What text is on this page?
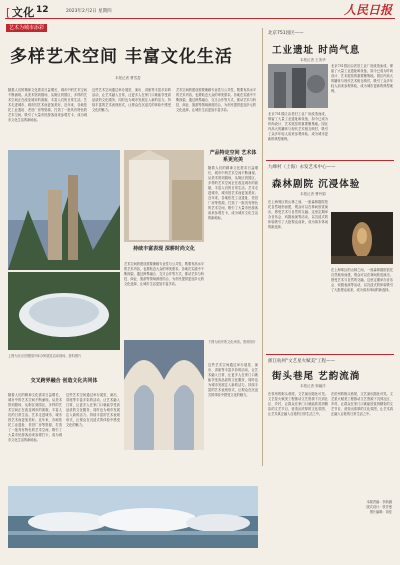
[文化 12	2023年2月2日 星期四	人民日报
艺术为城市添彩
多样艺术空间 丰富文化生活
本报记者 曹雪盈
随着人们的精神文化需求日益增长，城市中的艺术空间不断涌现。从美术馆到剧场，从街区到园区，多样的艺术空间正在改变城市的面貌，丰富人们的日常生活。艺术走进城市，城市因艺术而更加美好。近年来，各地依托工业遗址、老旧厂房等资源，打造了一批具有特色的艺术空间，吸引了大量市民游客前来参观打卡，成为城市文化生活的新地标。
这些艺术空间通过举办展览、演出、讲座等丰富多彩的活动，让艺术融入日常，让更多人在家门口就能享受高品质的文化服务，同时也为城市发展注入新的活力。持续丰富的艺术表现形式，让观众在沉浸式的体验中感受文化的魅力。
艺术空间的建设需要兼顾专业性与公共性，既要有高水平的艺术内容，也要贴近大众的审美需求。各地在实践中不断探索，通过跨界融合、交叉合作等方式，推动艺术与科技、商业、旅游等领域深度结合，为市民提供更加多元的文化选择，让城市生活更加丰富多彩。
上图为北京首钢园内举办的展览活动现场。资料图片
交叉跨界融合 创造文化共同体
随着人们的精神文化需求日益增长，城市中的艺术空间不断涌现。从美术馆到剧场，从街区到园区，多样的艺术空间正在改变城市的面貌，丰富人们的日常生活。艺术走进城市，城市因艺术而更加美好。近年来，各地依托工业遗址、老旧厂房等资源，打造了一批具有特色的艺术空间，吸引了大量市民游客前来参观打卡，成为城市文化生活的新地标。
这些艺术空间通过举办展览、演出、讲座等丰富多彩的活动，让艺术融入日常，让更多人在家门口就能享受高品质的文化服务，同时也为城市发展注入新的活力。持续丰富的艺术表现形式，让观众在沉浸式的体验中感受文化的魅力。
持续丰富表现 深耕时尚文化
艺术空间的建设需要兼顾专业性与公共性，既要有高水平的艺术内容，也要贴近大众的审美需求。各地在实践中不断探索，通过跨界融合、交叉合作等方式，推动艺术与科技、商业、旅游等领域深度结合，为市民提供更加多元的文化选择，让城市生活更加丰富多彩。
产品特定空间 艺术体系更完美
随着人们的精神文化需求日益增长，城市中的艺术空间不断涌现。从美术馆到剧场，从街区到园区，多样的艺术空间正在改变城市的面貌，丰富人们的日常生活。艺术走进城市，城市因艺术而更加美好。近年来，各地依托工业遗址、老旧厂房等资源，打造了一批具有特色的艺术空间，吸引了大量市民游客前来参观打卡，成为城市文化生活的新地标。
下图为西安的文化场馆。资料图片
这些艺术空间通过举办展览、演出、讲座等丰富多彩的活动，让艺术融入日常，让更多人在家门口就能享受高品质的文化服务，同时也为城市发展注入新的活力。持续丰富的艺术表现形式，让观众在沉浸式的体验中感受文化的魅力。
北京751园区——
工业遗址 时尚气息
本报记者 王美华
北京751园区由老旧工业厂房改造而成，保留了大量工业遗址和设备，如今已成为时尚设计、艺术展览的重要聚集地。园区内高大的罐体与现代艺术相互映衬，吸引了众多年轻人前来参观体验，成为城市更新的典型案例。
北京751园区由老旧工业厂房改造而成，保留了大量工业遗址和设备，如今已成为时尚设计、艺术展览的重要聚集地。园区内高大的罐体与现代艺术相互映衬，吸引了众多年轻人前来参观体验，成为城市更新的典型案例。
九峰村（上海）永发艺术中心——
森林剧院 沉浸体验
本报记者 曹玲娟
在上海郊区的山林之间，一座森林剧院依托自然地形而建，观众可以在林间欣赏演出，感受艺术与自然的交融。这里定期举办音乐会、戏剧表演等活动，以沉浸式的体验吸引了大批观众前来，成为周末休闲的新选择。
在上海郊区的山林之间，一座森林剧院依托自然地形而建，观众可以在林间欣赏演出，感受艺术与自然的交融。这里定期举办音乐会、戏剧表演等活动，以沉浸式的体验吸引了大批观众前来，成为周末休闲的新选择。
浙江杭州"文艺星火赋美"工程——
街头巷尾 艺韵流淌
本报记者 窦瀚洋
在杭州的街头巷尾，文艺演出随处可见。文艺星火赋美工程推动文艺资源下沉到社区、乡村，让群众在家门口就能欣赏到精彩的文艺节目，营造出浓厚的文化氛围，让艺术真正融入百姓的日常生活之中。
在杭州的街头巷尾，文艺演出随处可见。文艺星火赋美工程推动文艺资源下沉到社区、乡村，让群众在家门口就能欣赏到精彩的文艺节目，营造出浓厚的文化氛围，让艺术真正融入百姓的日常生活之中。
本版责编：李韵涵
版式设计：张芳曼
图片编辑：刘佳
